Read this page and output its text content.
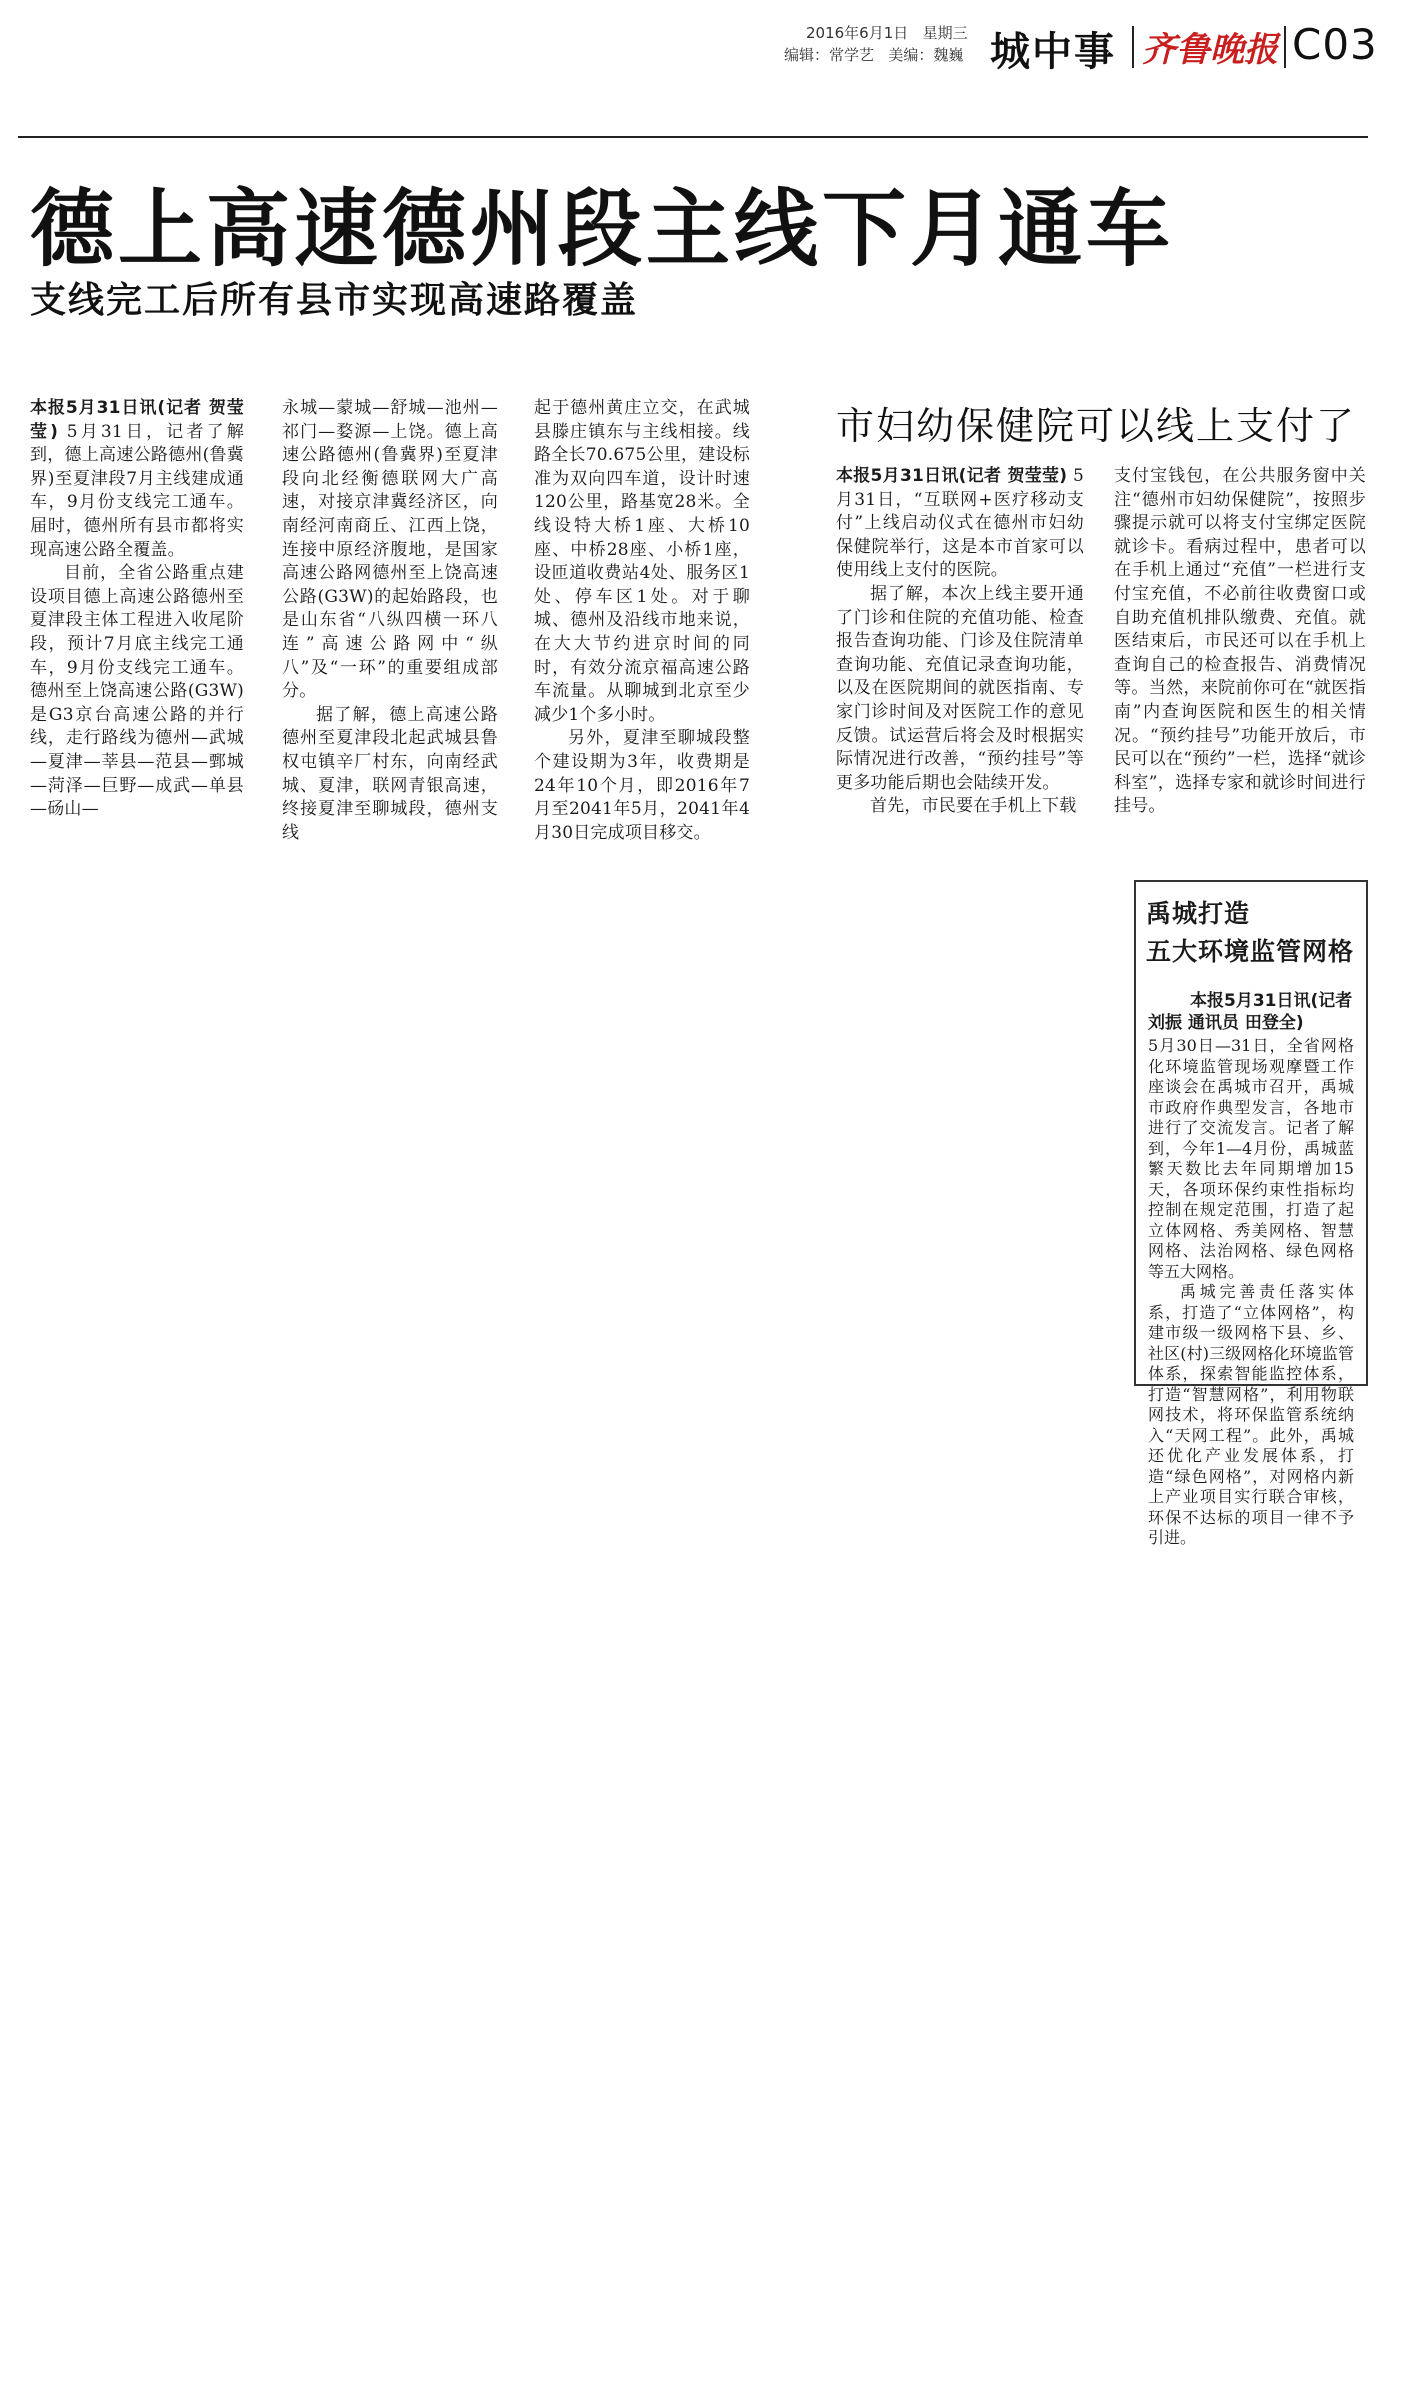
2016年6月1日 星期三
编辑：常学艺 美编：魏巍 城中事 齐鲁晚报 C03
德上高速德州段主线下月通车
支线完工后所有县市实现高速路覆盖

本报5月31日讯(记者 贺莹莹) 5月31日，记者了解到，德上高速公路德州(鲁冀界)至夏津段7月主线建成通车，9月份支线完工通车。届时，德州所有县市都将实现高速公路全覆盖。

目前，全省公路重点建设项目德上高速公路德州至夏津段主体工程进入收尾阶段，预计7月底主线完工通车，9月份支线完工通车。德州至上饶高速公路(G3W)是G3京台高速公路的并行线，走行路线为德州—武城—夏津—莘县—范县—鄄城—菏泽—巨野—成武—单县—砀山—

永城—蒙城—舒城—池州—祁门—婺源—上饶。德上高速公路德州(鲁冀界)至夏津段向北经衡德联网大广高速，对接京津冀经济区，向南经河南商丘、江西上饶，连接中原经济腹地，是国家高速公路网德州至上饶高速公路(G3W)的起始路段，也是山东省“八纵四横一环八连”高速公路网中“纵八”及“一环”的重要组成部分。

据了解，德上高速公路德州至夏津段北起武城县鲁权屯镇辛厂村东，向南经武城、夏津，联网青银高速，终接夏津至聊城段，德州支线

起于德州黄庄立交，在武城县滕庄镇东与主线相接。线路全长70.675公里，建设标准为双向四车道，设计时速120公里，路基宽28米。全线设特大桥1座、大桥10座、中桥28座、小桥1座，设匝道收费站4处、服务区1处、停车区1处。对于聊城、德州及沿线市地来说，在大大节约进京时间的同时，有效分流京福高速公路车流量。从聊城到北京至少减少1个多小时。

另外，夏津至聊城段整个建设期为3年，收费期是24年10个月，即2016年7月至2041年5月，2041年4月30日完成项目移交。

市妇幼保健院可以线上支付了

本报5月31日讯(记者 贺莹莹) 5月31日，“互联网+医疗移动支付”上线启动仪式在德州市妇幼保健院举行，这是本市首家可以使用线上支付的医院。

据了解，本次上线主要开通了门诊和住院的充值功能、检查报告查询功能、门诊及住院清单查询功能、充值记录查询功能，以及在医院期间的就医指南、专家门诊时间及对医院工作的意见反馈。试运营后将会及时根据实际情况进行改善，“预约挂号”等更多功能后期也会陆续开发。

首先，市民要在手机上下载

支付宝钱包，在公共服务窗中关注“德州市妇幼保健院”，按照步骤提示就可以将支付宝绑定医院就诊卡。看病过程中，患者可以在手机上通过“充值”一栏进行支付宝充值，不必前往收费窗口或自助充值机排队缴费、充值。就医结束后，市民还可以在手机上查询自己的检查报告、消费情况等。当然，来院前你可在“就医指南”内查询医院和医生的相关情况。“预约挂号”功能开放后，市民可以在“预约”一栏，选择“就诊科室”，选择专家和就诊时间进行挂号。

禹城打造
五大环境监管网格
本报5月31日讯(记者
刘振 通讯员 田登全)

5月30日—31日，全省网格化环境监管现场观摩暨工作座谈会在禹城市召开，禹城市政府作典型发言，各地市进行了交流发言。记者了解到，今年1—4月份，禹城蓝繁天数比去年同期增加15天，各项环保约束性指标均控制在规定范围，打造了起立体网格、秀美网格、智慧网格、法治网格、绿色网格等五大网格。

禹城完善责任落实体系，打造了“立体网格”，构建市级一级网格下县、乡、社区(村)三级网格化环境监管体系，探索智能监控体系，打造“智慧网格”，利用物联网技术，将环保监管系统纳入“天网工程”。此外，禹城还优化产业发展体系，打造“绿色网格”，对网格内新上产业项目实行联合审核，环保不达标的项目一律不予引进。
